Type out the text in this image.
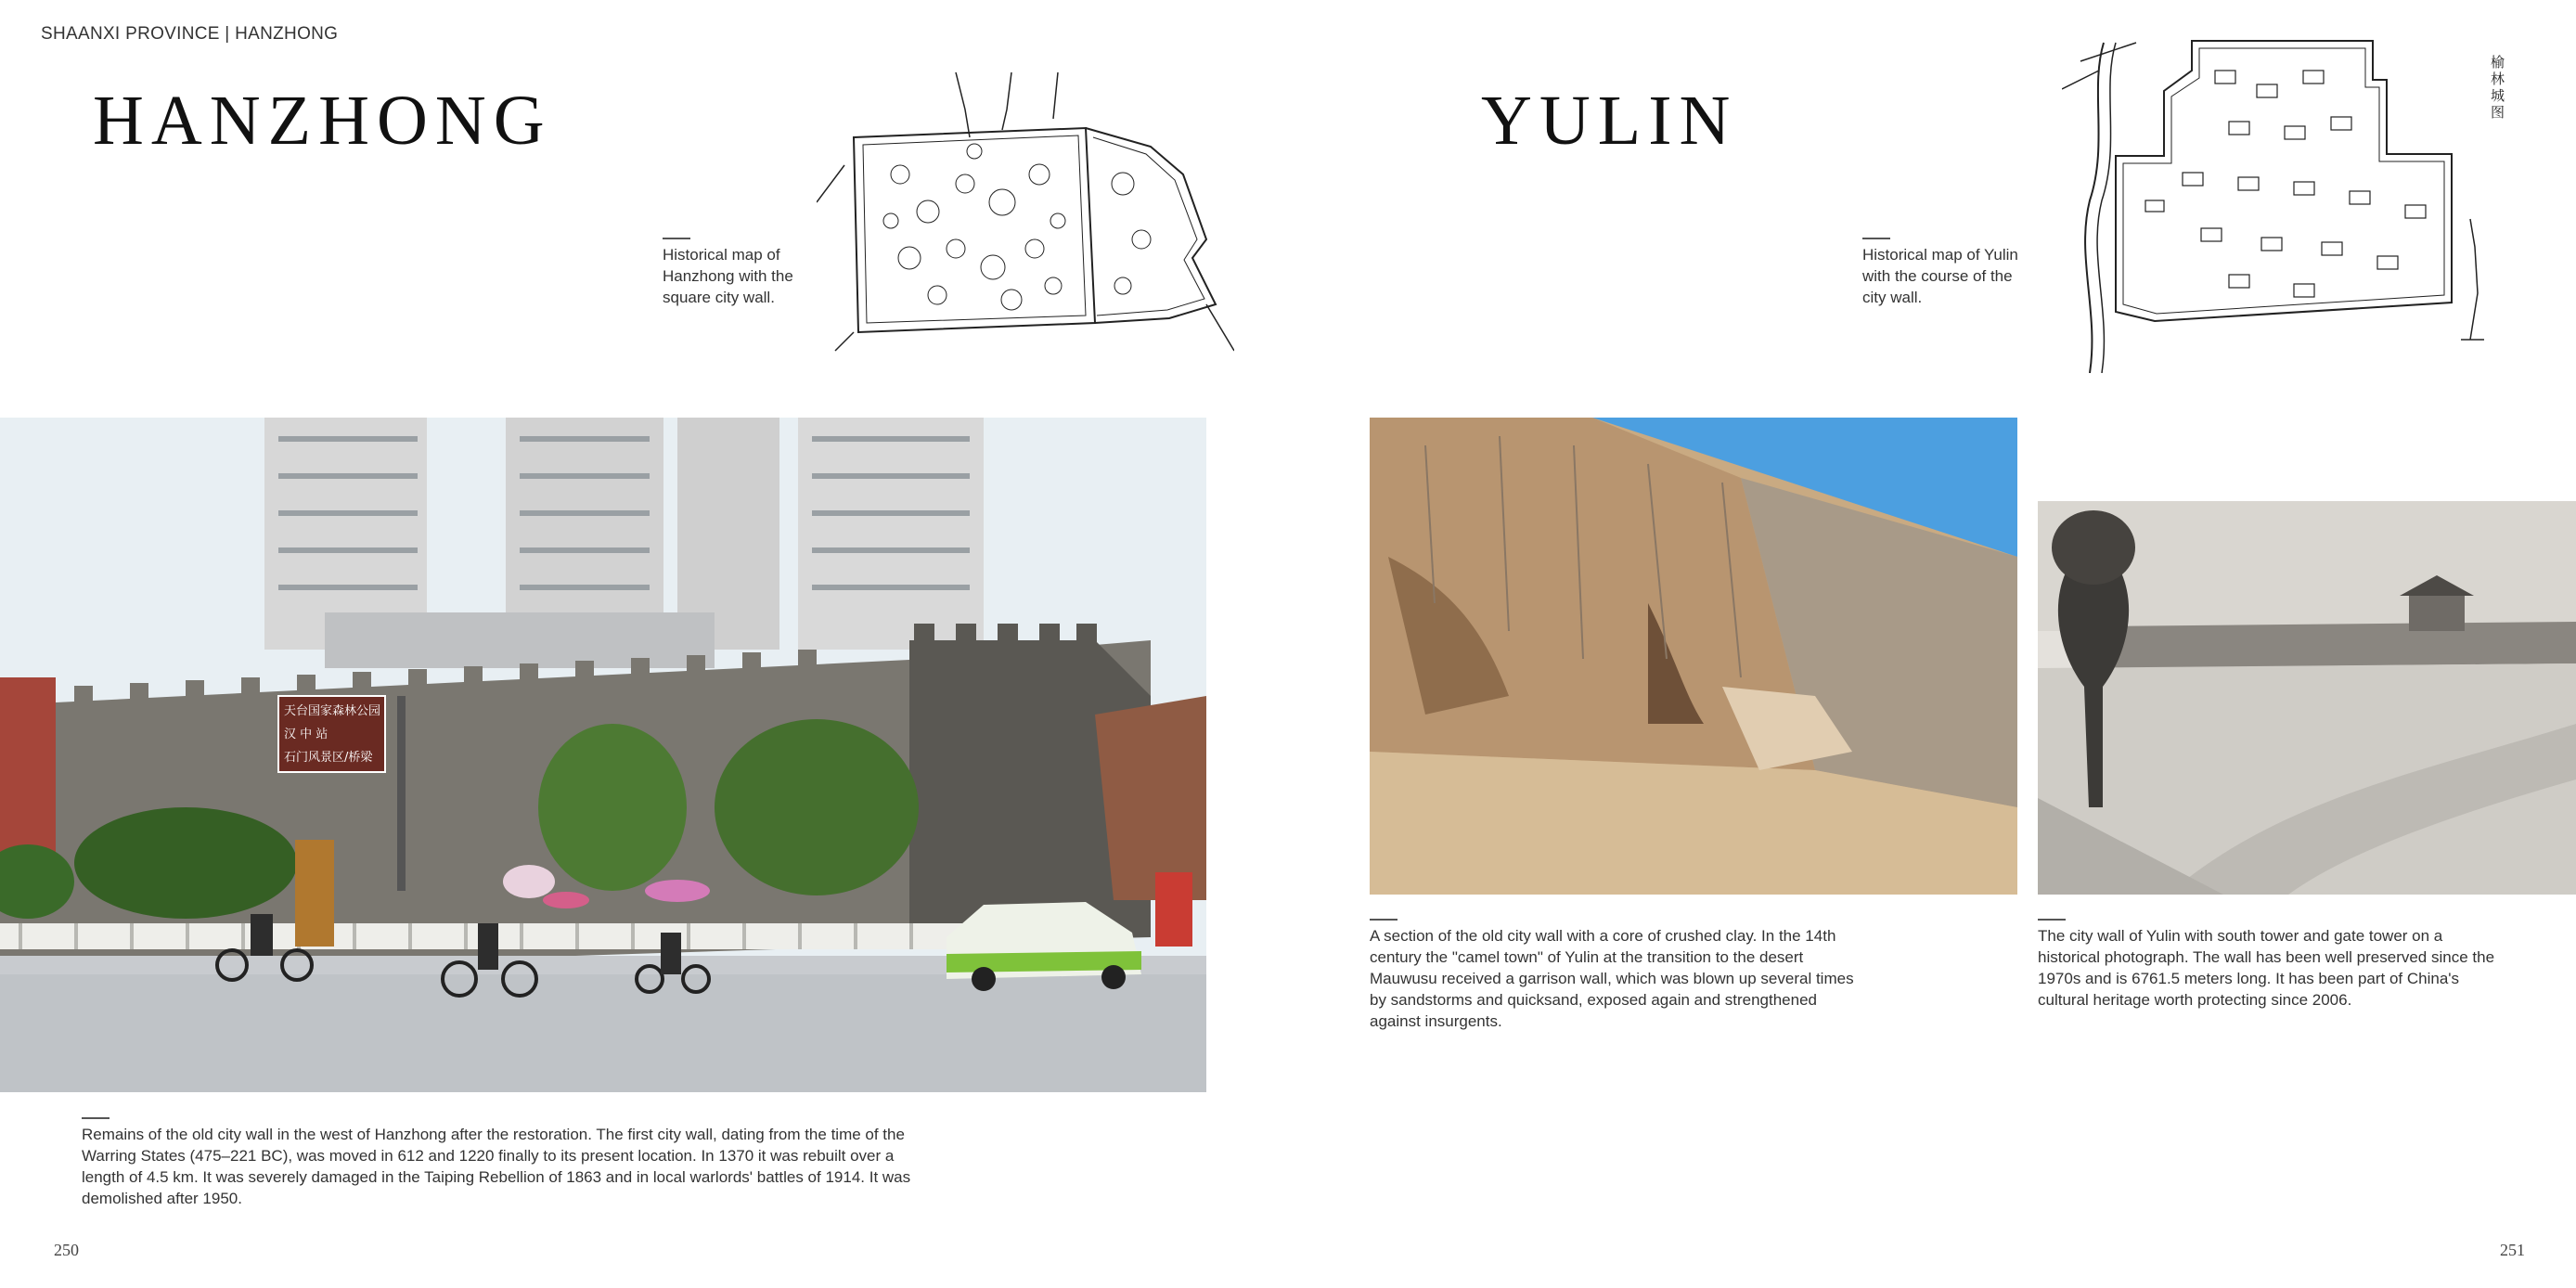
SHAANXI PROVINCE | HANZHONG
HANZHONG
Historical map of Hanzhong with the square city wall.
天台国家森林公园
汉 中 站
石门风景区/桥梁
Remains of the old city wall in the west of Hanzhong after the restoration. The first city wall, dating from the time of the Warring States (475–221 BC), was moved in 612 and 1220 finally to its present location. In 1370 it was rebuilt over a length of 4.5 km. It was severely damaged in the Taiping Rebellion of 1863 and in local warlords' battles of 1914. It was demolished after 1950.
250
YULIN
Historical map of Yulin with the course of the city wall.
榆林城图
A section of the old city wall with a core of crushed clay. In the 14th century the "camel town" of Yulin at the transition to the desert Mauwusu received a garrison wall, which was blown up several times by sandstorms and quicksand, exposed again and strengthened against insurgents.
The city wall of Yulin with south tower and gate tower on a historical photograph. The wall has been well preserved since the 1970s and is 6761.5 meters long. It has been part of China's cultural heritage worth protecting since 2006.
251
